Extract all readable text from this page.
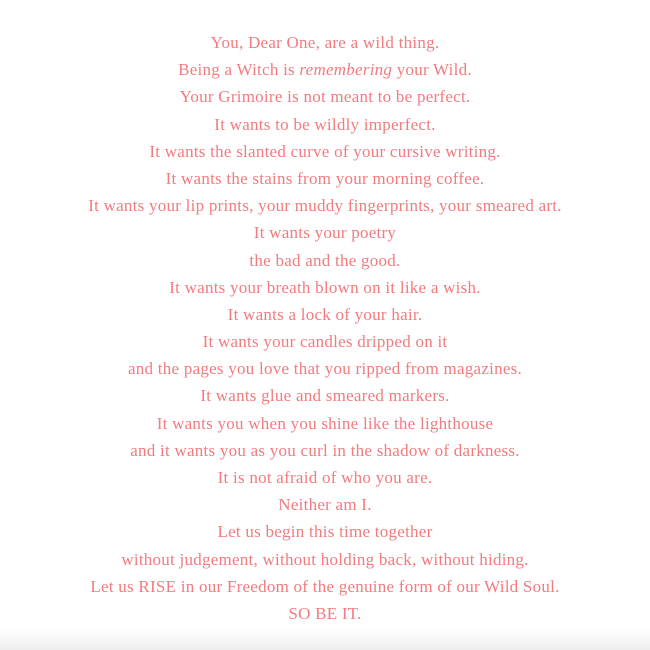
You, Dear One, are a wild thing.
Being a Witch is remembering your Wild.
Your Grimoire is not meant to be perfect.
It wants to be wildly imperfect.
It wants the slanted curve of your cursive writing.
It wants the stains from your morning coffee.
It wants your lip prints, your muddy fingerprints, your smeared art.
It wants your poetry
the bad and the good.
It wants your breath blown on it like a wish.
It wants a lock of your hair.
It wants your candles dripped on it
and the pages you love that you ripped from magazines.
It wants glue and smeared markers.
It wants you when you shine like the lighthouse
and it wants you as you curl in the shadow of darkness.
It is not afraid of who you are.
Neither am I.
Let us begin this time together
without judgement, without holding back, without hiding.
Let us RISE in our Freedom of the genuine form of our Wild Soul.
SO BE IT.
